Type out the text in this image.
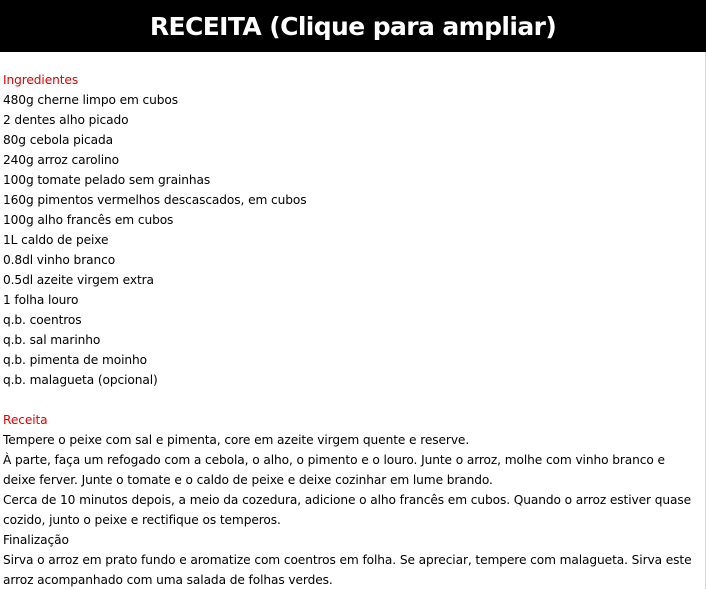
RECEITA (Clique para ampliar)
Ingredientes
480g cherne limpo em cubos
2 dentes alho picado
80g cebola picada
240g arroz carolino
100g tomate pelado sem grainhas
160g pimentos vermelhos descascados, em cubos
100g alho francês em cubos
1L caldo de peixe
0.8dl vinho branco
0.5dl azeite virgem extra
1 folha louro
q.b. coentros
q.b. sal marinho
q.b. pimenta de moinho
q.b. malagueta (opcional)
Receita
Tempere o peixe com sal e pimenta, core em azeite virgem quente e reserve.
À parte, faça um refogado com a cebola, o alho, o pimento e o louro. Junte o arroz, molhe com vinho branco e
deixe ferver. Junte o tomate e o caldo de peixe e deixe cozinhar em lume brando.
Cerca de 10 minutos depois, a meio da cozedura, adicione o alho francês em cubos. Quando o arroz estiver quase
cozido, junto o peixe e rectifique os temperos.
Finalização
Sirva o arroz em prato fundo e aromatize com coentros em folha. Se apreciar, tempere com malagueta. Sirva este
arroz acompanhado com uma salada de folhas verdes.
